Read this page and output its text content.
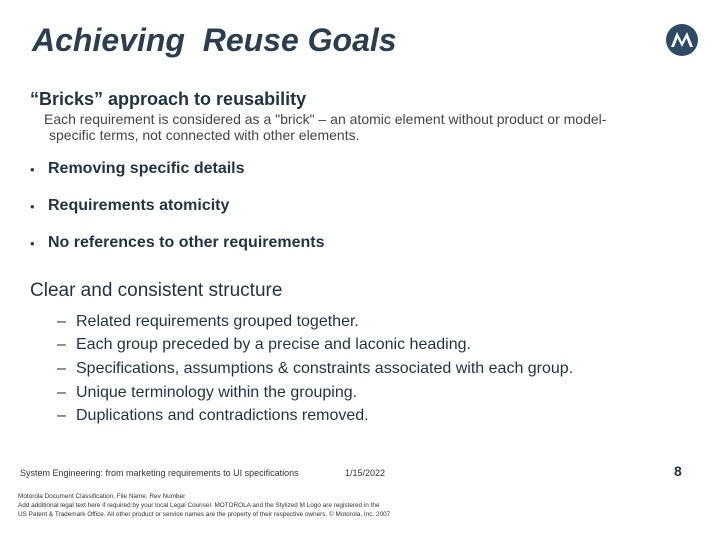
Achieving  Reuse Goals
“Bricks” approach to reusability
Each requirement is considered as a "brick" – an atomic element without product or model-
specific terms, not connected with other elements.
• Removing specific details
• Requirements atomicity
• No references to other requirements
Clear and consistent structure
– Related requirements grouped together.
– Each group preceded by a precise and laconic heading.
– Specifications, assumptions & constraints associated with each group.
– Unique terminology within the grouping.
– Duplications and contradictions removed.
System Engineering: from marketing requirements to UI specifications	1/15/2022	8
Motorola Document Classification, File Name, Rev Number
Add additional legal text here if required by your local Legal Counsel. MOTOROLA and the Stylized M Logo are registered in the
US Patent & Trademark Office. All other product or service names are the property of their respective owners. © Motorola, Inc. 2007
